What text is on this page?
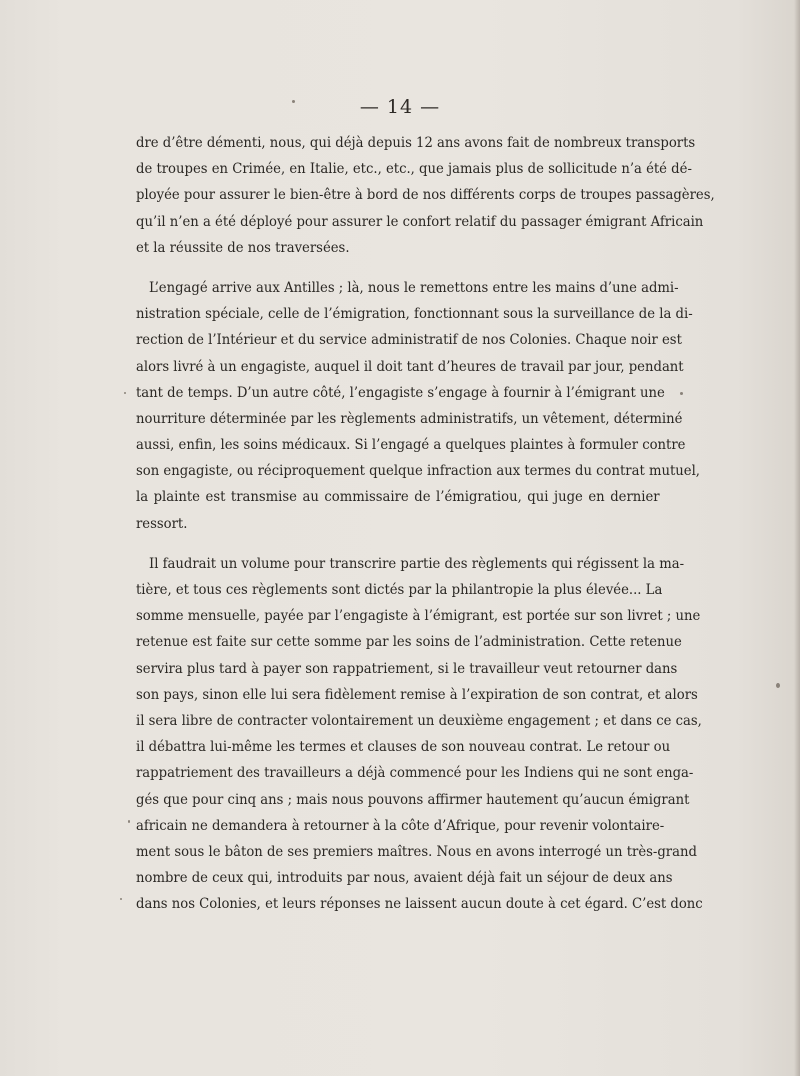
— 14 —
dre d’être démenti, nous, qui déjà depuis 12 ans avons fait de nombreux transports
de troupes en Crimée, en Italie, etc., etc., que jamais plus de sollicitude n’a été dé-
ployée pour assurer le bien-être à bord de nos différents corps de troupes passagères,
qu’il n’en a été déployé pour assurer le confort relatif du passager émigrant Africain
et la réussite de nos traversées.
L’engagé arrive aux Antilles ; là, nous le remettons entre les mains d’une admi-
nistration spéciale, celle de l’émigration, fonctionnant sous la surveillance de la di-
rection de l’Intérieur et du service administratif de nos Colonies. Chaque noir est
alors livré à un engagiste, auquel il doit tant d’heures de travail par jour, pendant
tant de temps. D’un autre côté, l’engagiste s’engage à fournir à l’émigrant une
nourriture déterminée par les règlements administratifs, un vêtement, déterminé
aussi, enfin, les soins médicaux. Si l’engagé a quelques plaintes à formuler contre
son engagiste, ou réciproquement quelque infraction aux termes du contrat mutuel,
la plainte est transmise au commissaire de l’émigratiou, qui juge en dernier
ressort.
Il faudrait un volume pour transcrire partie des règlements qui régissent la ma-
tière, et tous ces règlements sont dictés par la philantropie la plus élevée... La
somme mensuelle, payée par l’engagiste à l’émigrant, est portée sur son livret ; une
retenue est faite sur cette somme par les soins de l’administration. Cette retenue
servira plus tard à payer son rappatriement, si le travailleur veut retourner dans
son pays, sinon elle lui sera fidèlement remise à l’expiration de son contrat, et alors
il sera libre de contracter volontairement un deuxième engagement ; et dans ce cas,
il débattra lui-même les termes et clauses de son nouveau contrat. Le retour ou
rappatriement des travailleurs a déjà commencé pour les Indiens qui ne sont enga-
gés que pour cinq ans ; mais nous pouvons affirmer hautement qu’aucun émigrant
africain ne demandera à retourner à la côte d’Afrique, pour revenir volontaire-
ment sous le bâton de ses premiers maîtres. Nous en avons interrogé un très-grand
nombre de ceux qui, introduits par nous, avaient déjà fait un séjour de deux ans
dans nos Colonies, et leurs réponses ne laissent aucun doute à cet égard. C’est donc
